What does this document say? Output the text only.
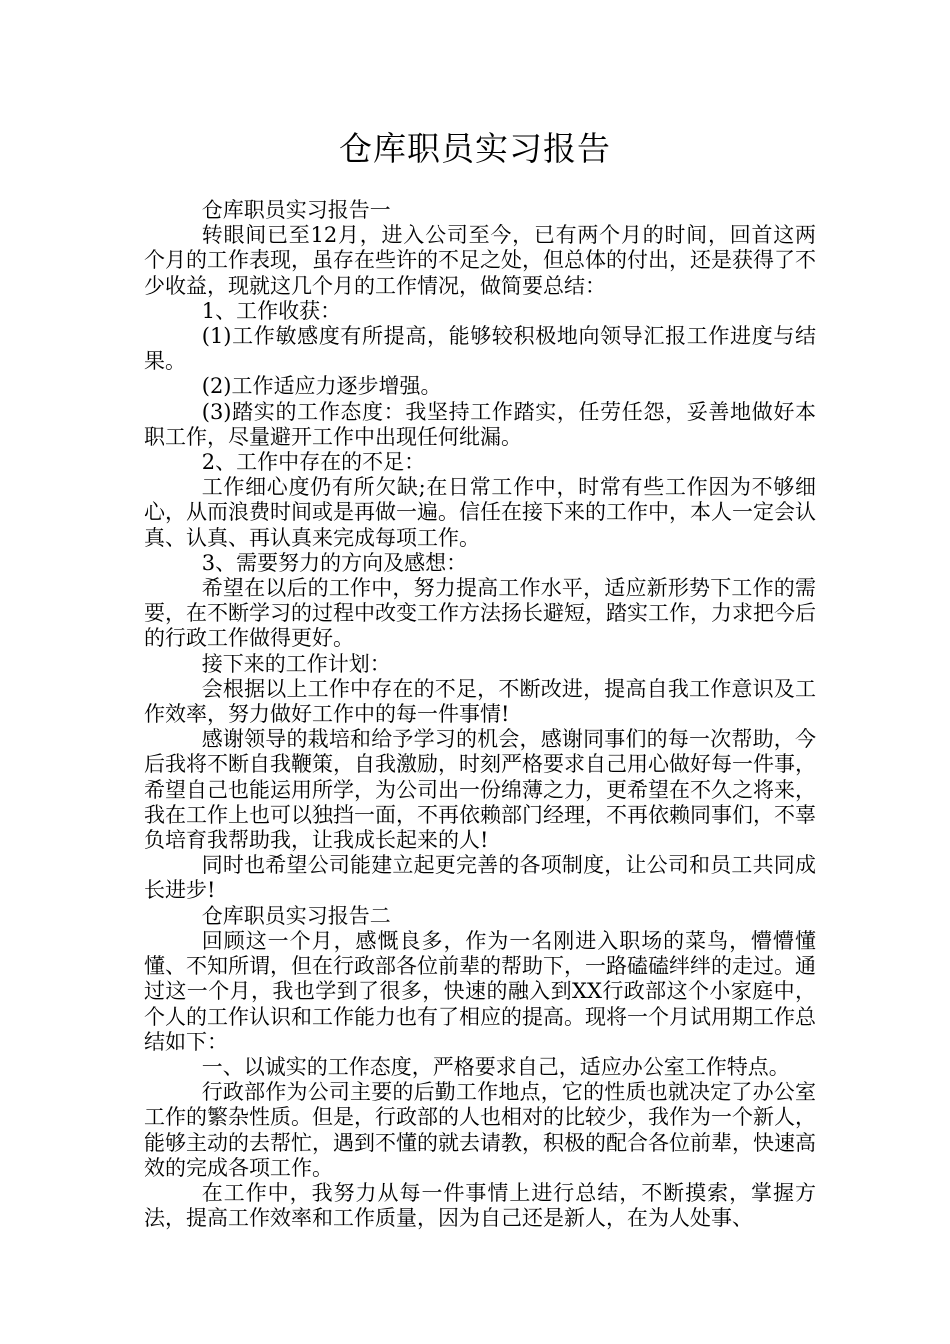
仓库职员实习报告

仓库职员实习报告一

转眼间已至12月，进入公司至今，已有两个月的时间，回首这两个月的工作表现，虽存在些许的不足之处，但总体的付出，还是获得了不少收益，现就这几个月的工作情况，做简要总结：

1、工作收获：

(1)工作敏感度有所提高，能够较积极地向领导汇报工作进度与结果。

(2)工作适应力逐步增强。

(3)踏实的工作态度：我坚持工作踏实，任劳任怨，妥善地做好本职工作，尽量避开工作中出现任何纰漏。

2、工作中存在的不足：

工作细心度仍有所欠缺;在日常工作中，时常有些工作因为不够细心，从而浪费时间或是再做一遍。信任在接下来的工作中，本人一定会认真、认真、再认真来完成每项工作。

3、需要努力的方向及感想：

希望在以后的工作中，努力提高工作水平，适应新形势下工作的需要，在不断学习的过程中改变工作方法扬长避短，踏实工作，力求把今后的行政工作做得更好。

接下来的工作计划：

会根据以上工作中存在的不足，不断改进，提高自我工作意识及工作效率，努力做好工作中的每一件事情!

感谢领导的栽培和给予学习的机会，感谢同事们的每一次帮助，今后我将不断自我鞭策，自我激励，时刻严格要求自己用心做好每一件事，希望自己也能运用所学，为公司出一份绵薄之力，更希望在不久之将来，我在工作上也可以独挡一面，不再依赖部门经理，不再依赖同事们，不辜负培育我帮助我，让我成长起来的人!

同时也希望公司能建立起更完善的各项制度，让公司和员工共同成长进步!

仓库职员实习报告二

回顾这一个月，感慨良多，作为一名刚进入职场的菜鸟，懵懵懂懂、不知所谓，但在行政部各位前辈的帮助下，一路磕磕绊绊的走过。通过这一个月，我也学到了很多，快速的融入到XX行政部这个小家庭中，个人的工作认识和工作能力也有了相应的提高。现将一个月试用期工作总结如下：

一、以诚实的工作态度，严格要求自己，适应办公室工作特点。

行政部作为公司主要的后勤工作地点，它的性质也就决定了办公室工作的繁杂性质。但是，行政部的人也相对的比较少，我作为一个新人，能够主动的去帮忙，遇到不懂的就去请教，积极的配合各位前辈，快速高效的完成各项工作。

在工作中，我努力从每一件事情上进行总结，不断摸索，掌握方法，提高工作效率和工作质量，因为自己还是新人，在为人处事、
